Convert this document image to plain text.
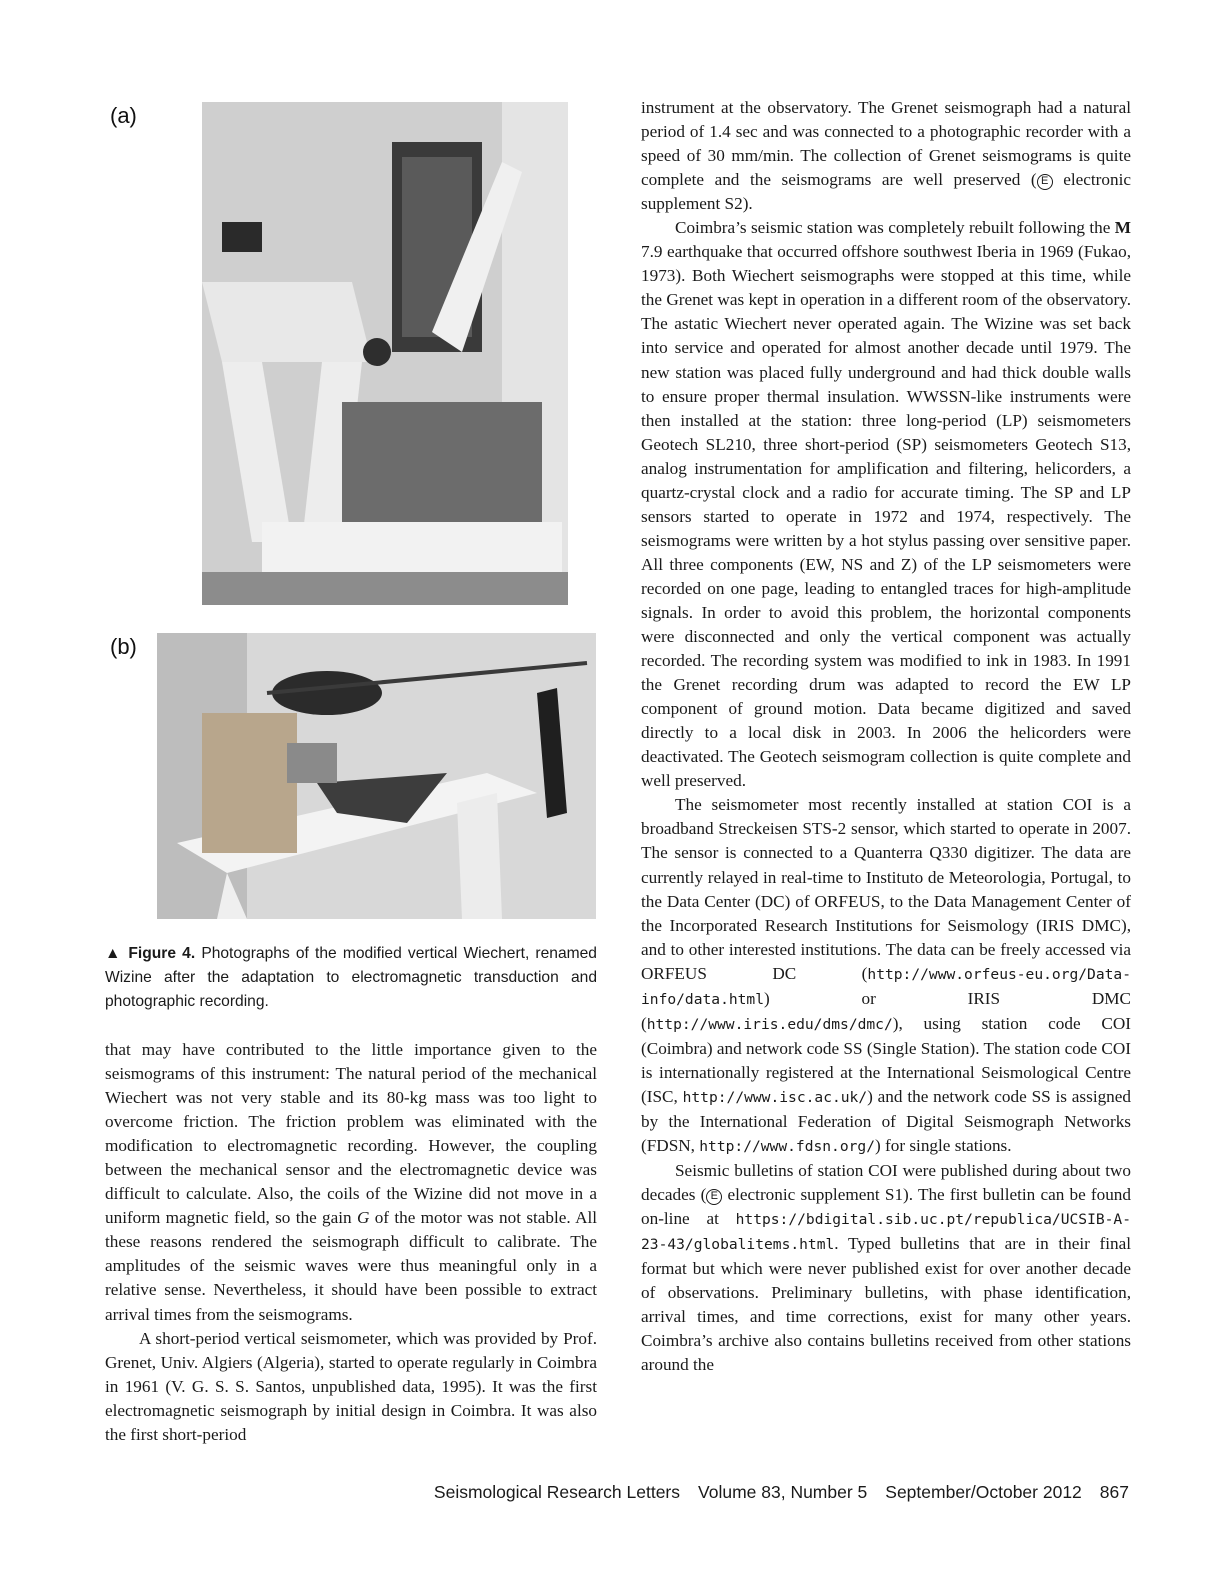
(a)
(b)
▲ Figure 4. Photographs of the modified vertical Wiechert, renamed Wizine after the adaptation to electromagnetic transduction and photographic recording.

that may have contributed to the little importance given to the seismograms of this instrument: The natural period of the mechanical Wiechert was not very stable and its 80-kg mass was too light to overcome friction. The friction problem was eliminated with the modification to electromagnetic recording. However, the coupling between the mechanical sensor and the electromagnetic device was difficult to calculate. Also, the coils of the Wizine did not move in a uniform magnetic field, so the gain G of the motor was not stable. All these reasons rendered the seismograph difficult to calibrate. The amplitudes of the seismic waves were thus meaningful only in a relative sense. Nevertheless, it should have been possible to extract arrival times from the seismograms.

A short-period vertical seismometer, which was provided by Prof. Grenet, Univ. Algiers (Algeria), started to operate regularly in Coimbra in 1961 (V. G. S. S. Santos, unpublished data, 1995). It was the first electromagnetic seismograph by initial design in Coimbra. It was also the first short-period

instrument at the observatory. The Grenet seismograph had a natural period of 1.4 sec and was connected to a photographic recorder with a speed of 30 mm/min. The collection of Grenet seismograms is quite complete and the seismograms are well preserved ( E electronic supplement S2).

Coimbra’s seismic station was completely rebuilt following the M 7.9 earthquake that occurred offshore southwest Iberia in 1969 (Fukao, 1973). Both Wiechert seismographs were stopped at this time, while the Grenet was kept in operation in a different room of the observatory. The astatic Wiechert never operated again. The Wizine was set back into service and operated for almost another decade until 1979. The new station was placed fully underground and had thick double walls to ensure proper thermal insulation. WWSSN-like instruments were then installed at the station: three long-period (LP) seismometers Geotech SL210, three short-period (SP) seismometers Geotech S13, analog instrumentation for amplification and filtering, helicorders, a quartz-crystal clock and a radio for accurate timing. The SP and LP sensors started to operate in 1972 and 1974, respectively. The seismograms were written by a hot stylus passing over sensitive paper. All three components (EW, NS and Z) of the LP seismometers were recorded on one page, leading to entangled traces for high-amplitude signals. In order to avoid this problem, the horizontal components were disconnected and only the vertical component was actually recorded. The recording system was modified to ink in 1983. In 1991 the Grenet recording drum was adapted to record the EW LP component of ground motion. Data became digitized and saved directly to a local disk in 2003. In 2006 the helicorders were deactivated. The Geotech seismogram collection is quite complete and well preserved.

The seismometer most recently installed at station COI is a broadband Streckeisen STS-2 sensor, which started to operate in 2007. The sensor is connected to a Quanterra Q330 digitizer. The data are currently relayed in real-time to Instituto de Meteorologia, Portugal, to the Data Center (DC) of ORFEUS, to the Data Management Center of the Incorporated Research Institutions for Seismology (IRIS DMC), and to other interested institutions. The data can be freely accessed via ORFEUS DC (http://www.orfeus-eu.org/Data-info/data.html) or IRIS DMC (http://www.iris.edu/dms/dmc/), using station code COI (Coimbra) and network code SS (Single Station). The station code COI is internationally registered at the International Seismological Centre (ISC, http://www.isc.ac.uk/) and the network code SS is assigned by the International Federation of Digital Seismograph Networks (FDSN, http://www.fdsn.org/) for single stations.

Seismic bulletins of station COI were published during about two decades ( E electronic supplement S1). The first bulletin can be found on-line at https://bdigital.sib.uc.pt/republica/UCSIB-A-23-43/globalitems.html. Typed bulletins that are in their final format but which were never published exist for over another decade of observations. Preliminary bulletins, with phase identification, arrival times, and time corrections, exist for many other years. Coimbra’s archive also contains bulletins received from other stations around the

Seismological Research Letters Volume 83, Number 5 September/October 2012 867
